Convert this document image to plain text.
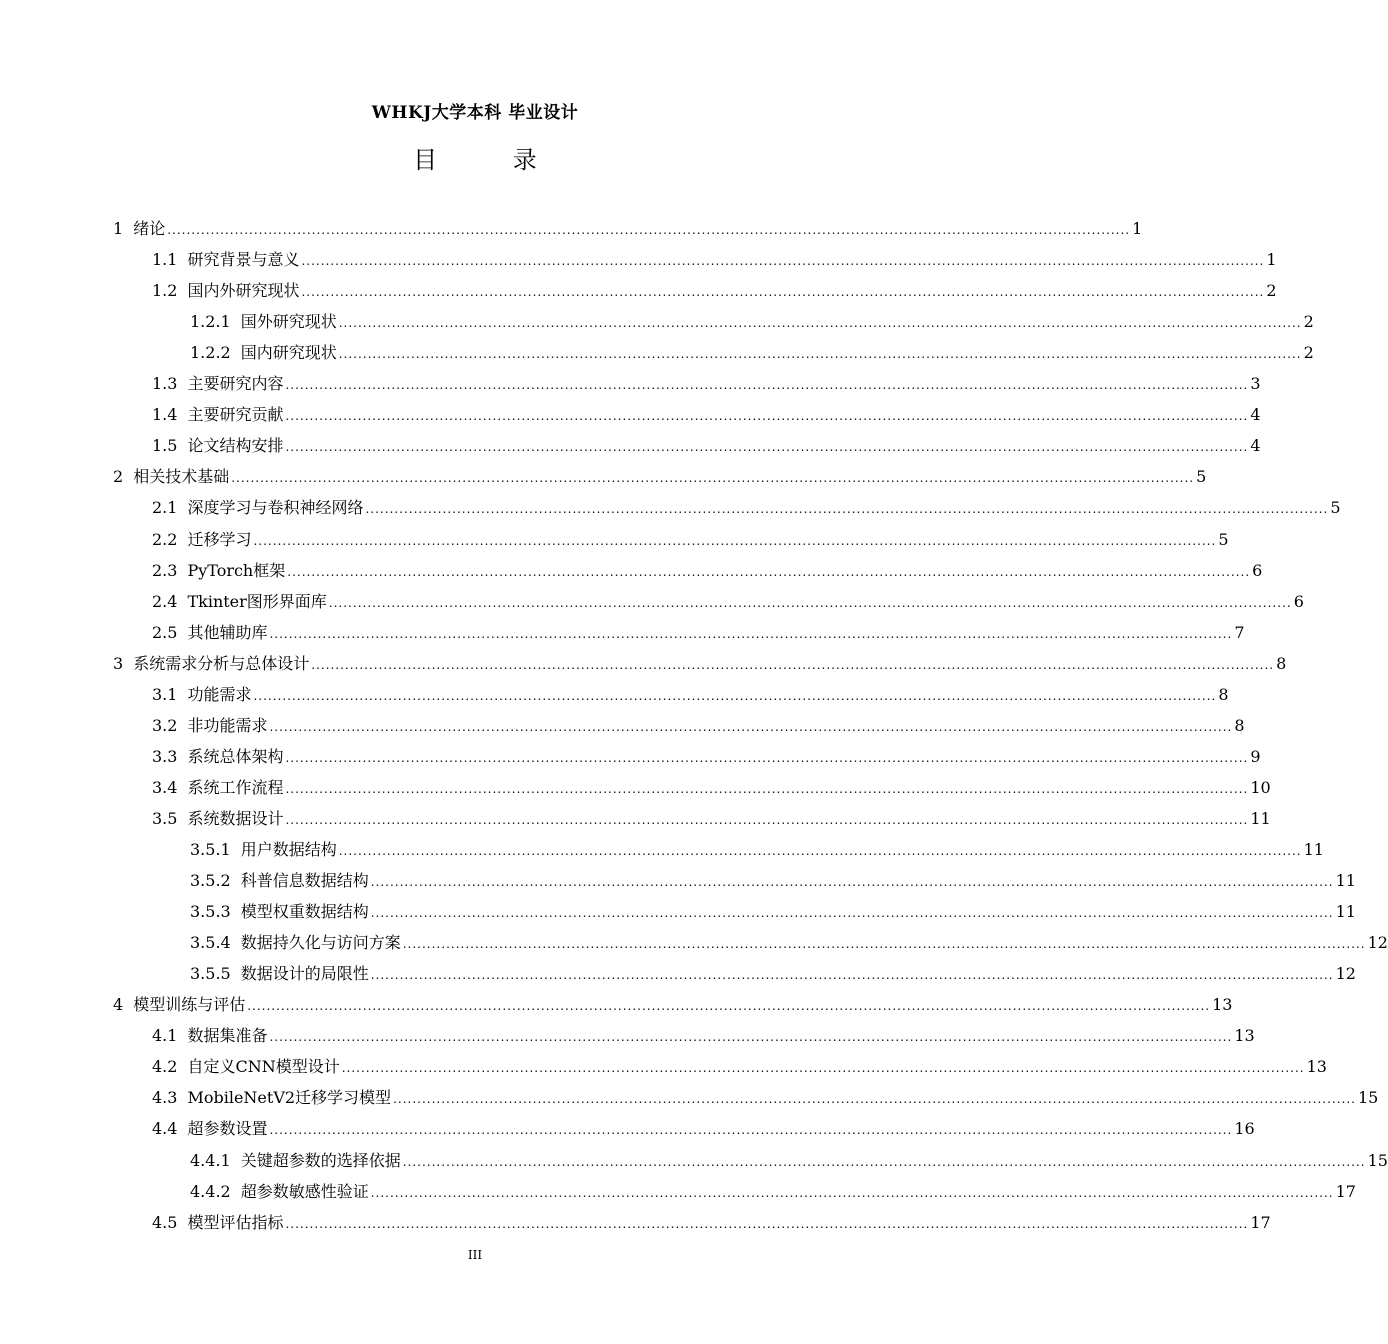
WHKJ大学本科 毕业设计
目 录
1 绪论 ........................................................................................................................................................................................................ 1
1.1 研究背景与意义 ........................................................................................................................................................................................................ 1
1.2 国内外研究现状 ........................................................................................................................................................................................................ 2
1.2.1 国外研究现状 ........................................................................................................................................................................................................ 2
1.2.2 国内研究现状 ........................................................................................................................................................................................................ 2
1.3 主要研究内容 ........................................................................................................................................................................................................ 3
1.4 主要研究贡献 ........................................................................................................................................................................................................ 4
1.5 论文结构安排 ........................................................................................................................................................................................................ 4
2 相关技术基础 ........................................................................................................................................................................................................ 5
2.1 深度学习与卷积神经网络 ........................................................................................................................................................................................................ 5
2.2 迁移学习 ........................................................................................................................................................................................................ 5
2.3 PyTorch框架 ........................................................................................................................................................................................................ 6
2.4 Tkinter图形界面库 ........................................................................................................................................................................................................ 6
2.5 其他辅助库 ........................................................................................................................................................................................................ 7
3 系统需求分析与总体设计 ........................................................................................................................................................................................................ 8
3.1 功能需求 ........................................................................................................................................................................................................ 8
3.2 非功能需求 ........................................................................................................................................................................................................ 8
3.3 系统总体架构 ........................................................................................................................................................................................................ 9
3.4 系统工作流程 ........................................................................................................................................................................................................ 10
3.5 系统数据设计 ........................................................................................................................................................................................................ 11
3.5.1 用户数据结构 ........................................................................................................................................................................................................ 11
3.5.2 科普信息数据结构 ........................................................................................................................................................................................................ 11
3.5.3 模型权重数据结构 ........................................................................................................................................................................................................ 11
3.5.4 数据持久化与访问方案 ........................................................................................................................................................................................................ 12
3.5.5 数据设计的局限性 ........................................................................................................................................................................................................ 12
4 模型训练与评估 ........................................................................................................................................................................................................ 13
4.1 数据集准备 ........................................................................................................................................................................................................ 13
4.2 自定义CNN模型设计 ........................................................................................................................................................................................................ 13
4.3 MobileNetV2迁移学习模型 ........................................................................................................................................................................................................ 15
4.4 超参数设置 ........................................................................................................................................................................................................ 16
4.4.1 关键超参数的选择依据 ........................................................................................................................................................................................................ 15
4.4.2 超参数敏感性验证 ........................................................................................................................................................................................................ 17
4.5 模型评估指标 ........................................................................................................................................................................................................ 17
III
